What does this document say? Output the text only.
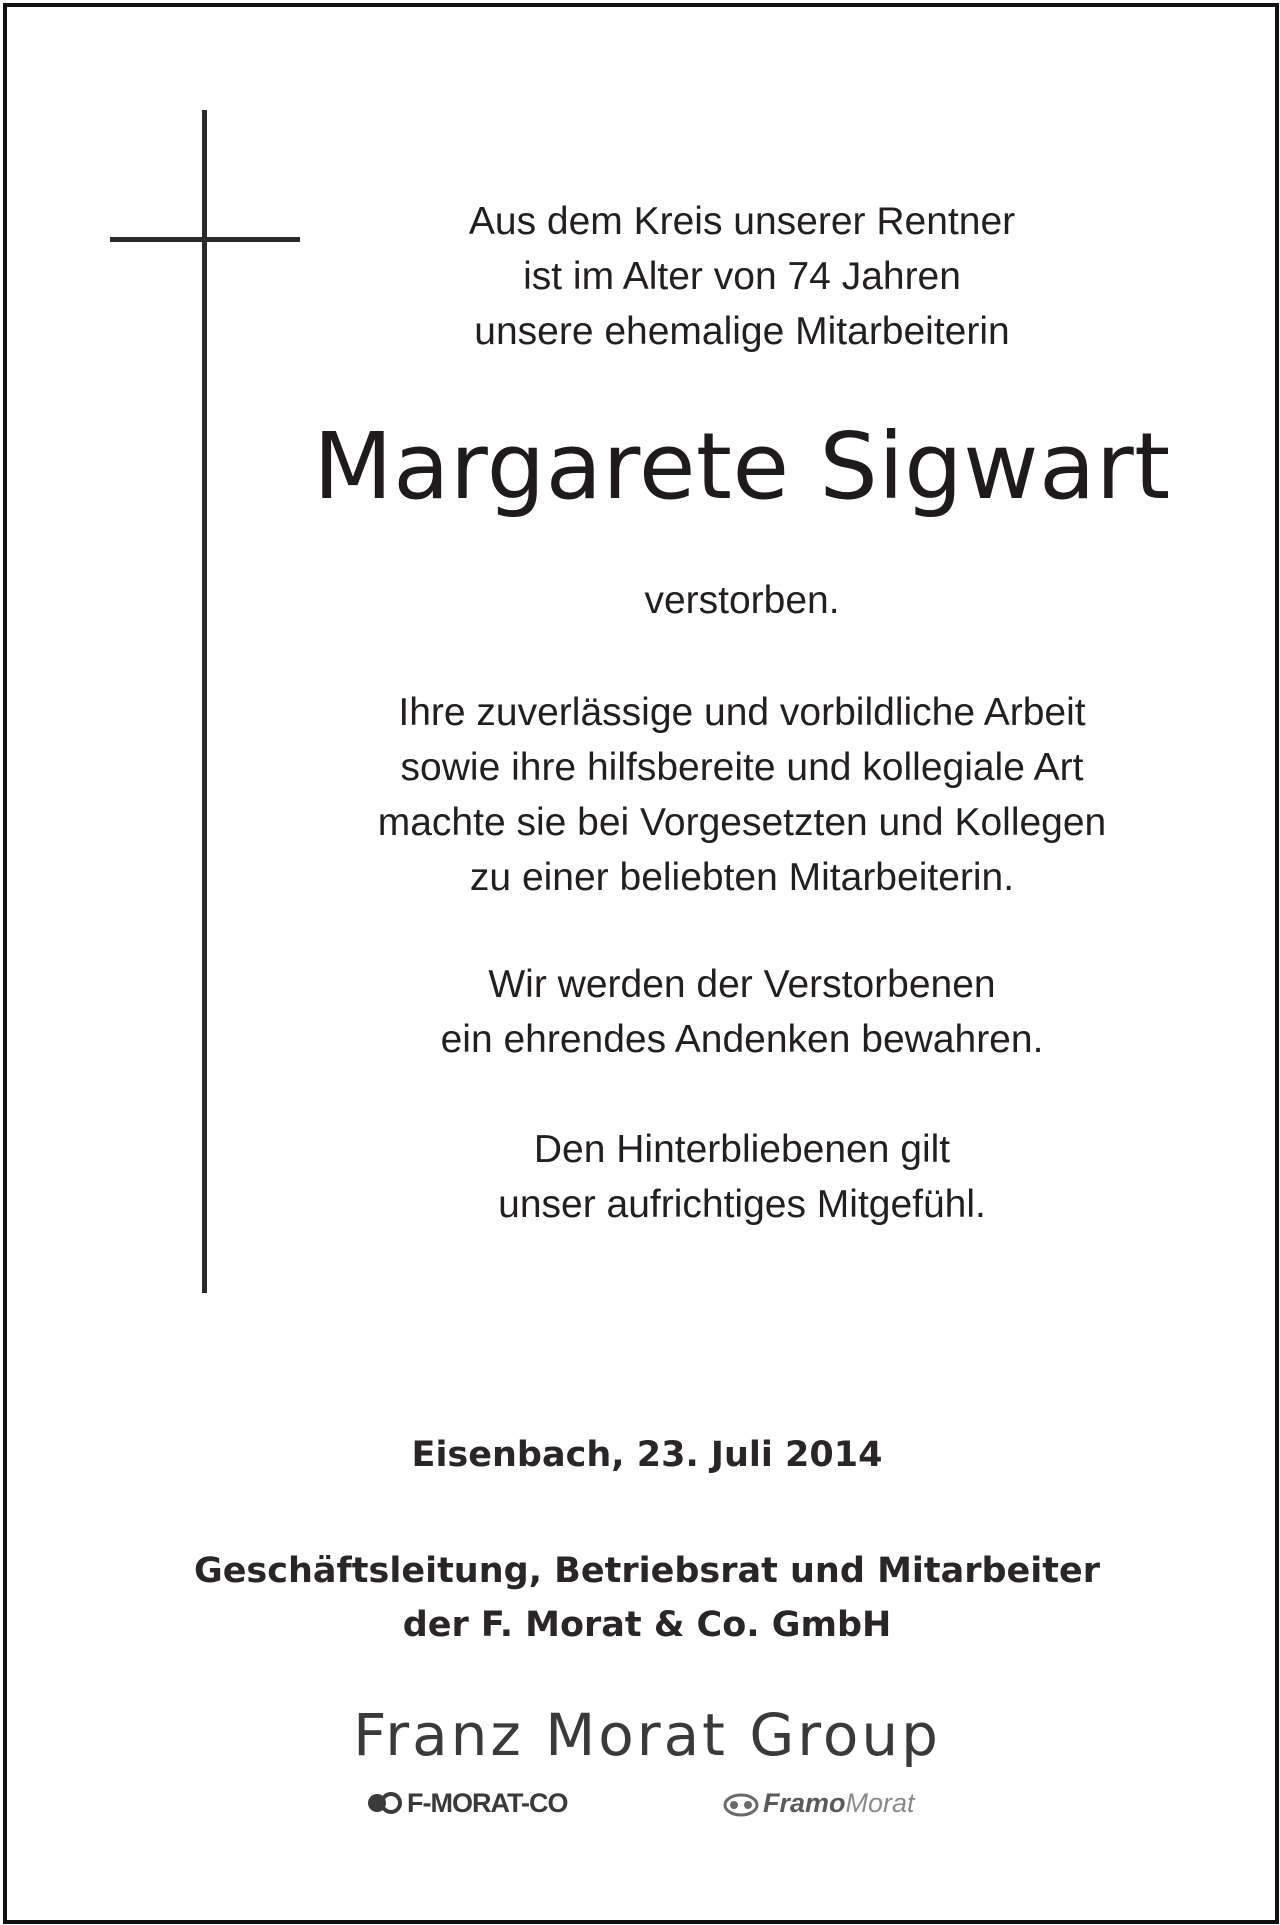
Aus dem Kreis unserer Rentner
ist im Alter von 74 Jahren
unsere ehemalige Mitarbeiterin
Margarete Sigwart
verstorben.
Ihre zuverlässige und vorbildliche Arbeit
sowie ihre hilfsbereite und kollegiale Art
machte sie bei Vorgesetzten und Kollegen
zu einer beliebten Mitarbeiterin.
Wir werden der Verstorbenen
ein ehrendes Andenken bewahren.
Den Hinterbliebenen gilt
unser aufrichtiges Mitgefühl.
Eisenbach, 23. Juli 2014
Geschäftsleitung, Betriebsrat und Mitarbeiter
der F. Morat & Co. GmbH
Franz Morat Group
F-MORAT-CO	FramoMorat
